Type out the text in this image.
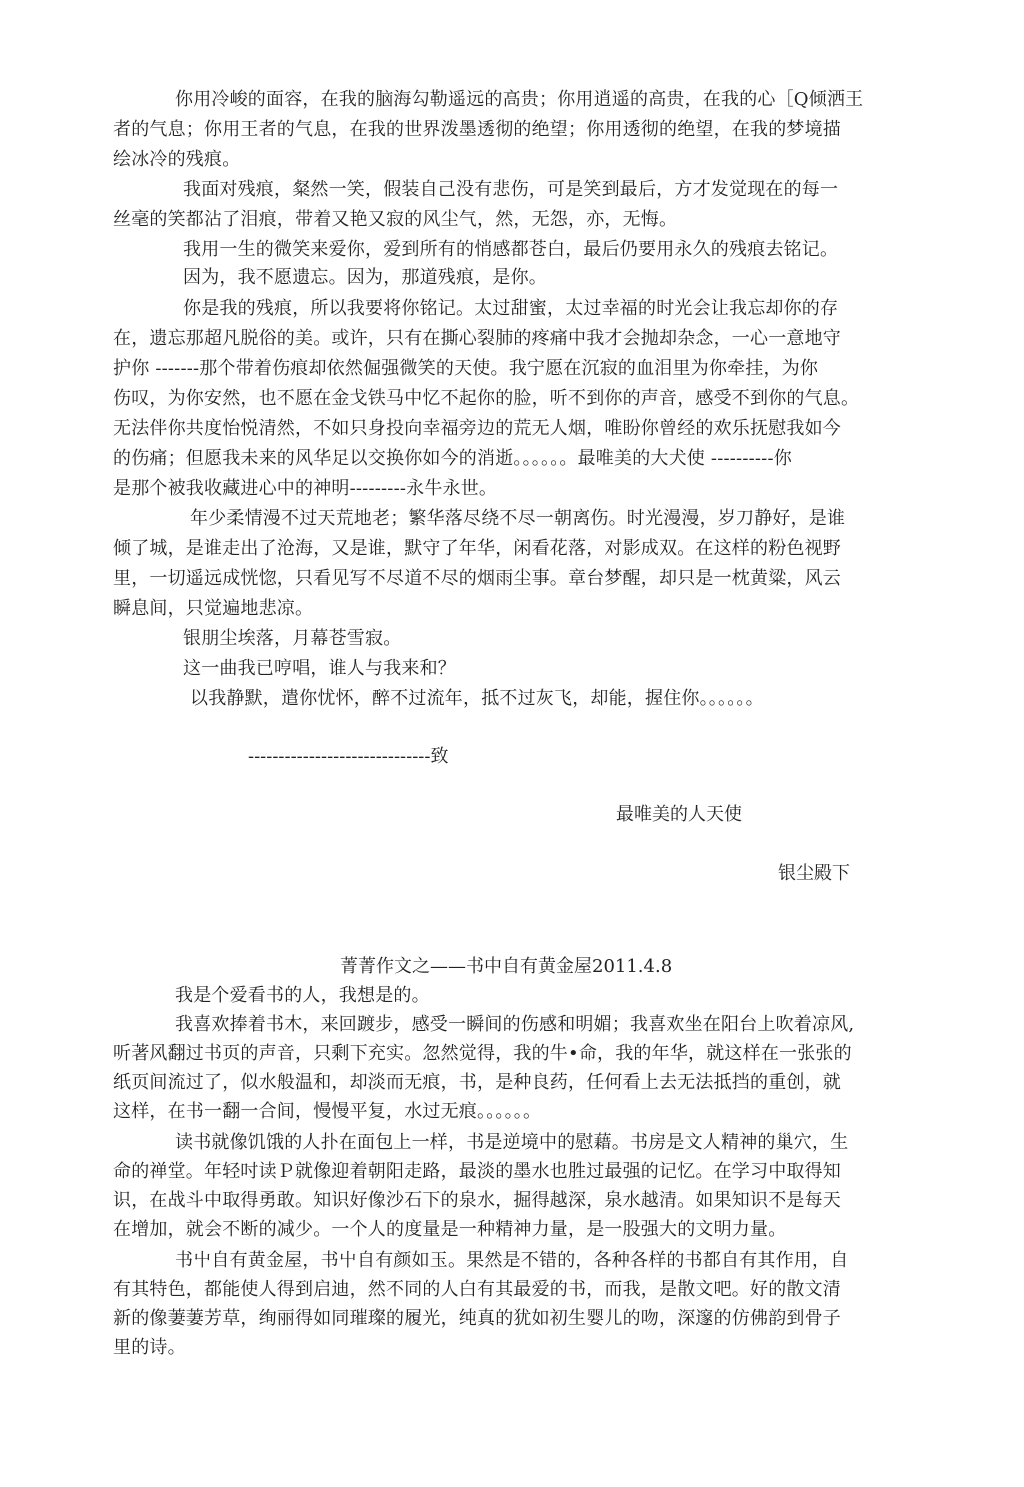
你用冷峻的面容，在我的脑海勾勒遥远的高贵；你用逍遥的高贵，在我的心［Q倾洒王
者的气息；你用王者的气息，在我的世界泼墨透彻的绝望；你用透彻的绝望，在我的梦境描
绘冰冷的残痕。
我面对残痕，粲然一笑，假装自己没有悲伤，可是笑到最后，方才发觉现在的每一
丝毫的笑都沾了泪痕，带着又艳又寂的风尘气，然，无怨，亦，无悔。
我用一生的微笑来爱你，爱到所有的悄感都苍白，最后仍要用永久的残痕去铭记。
因为，我不愿遗忘。因为，那道残痕，是你。
你是我的残痕，所以我要将你铭记。太过甜蜜，太过幸福的时光会让我忘却你的存
在，遗忘那超凡脱俗的美。或许，只有在撕心裂肺的疼痛中我才会抛却杂念，一心一意地守
护你 -------那个带着伤痕却依然倔强微笑的天使。我宁愿在沉寂的血泪里为你牵挂，为你
伤叹，为你安然，也不愿在金戈铁马中忆不起你的脸，听不到你的声音，感受不到你的气息。
无法伴你共度怡悦清然，不如只身投向幸福旁边的荒无人烟，唯盼你曾经的欢乐抚慰我如今
的伤痛；但愿我未来的风华足以交换你如今的消逝。。。。。。最唯美的大犬使 ----------你
是那个被我收藏进心中的神明---------永牛永世。
年少柔情漫不过天荒地老；繁华落尽绕不尽一朝离伤。时光漫漫，岁刀静好，是谁
倾了城，是谁走出了沧海，又是谁，默守了年华，闲看花落，对影成双。在这样的粉色视野
里，一切遥远成恍惚，只看见写不尽道不尽的烟雨尘事。章台梦醒，却只是一枕黄粱，风云
瞬息间，只觉遍地悲凉。
银朋尘埃落，月幕苍雪寂。
这一曲我已哼唱，谁人与我来和？
以我静默，遣你忧怀，醉不过流年，抵不过灰飞，却能，握住你。。。。。。
------------------------------致
最唯美的人天使
银尘殿下
菁菁作文之——书中自有黄金屋2011.4.8
我是个爱看书的人，我想是的。
我喜欢捧着书木，来回踱步，感受一瞬间的伤感和明媚；我喜欢坐在阳台上吹着凉风,
听著风翻过书页的声音，只剩下充实。忽然觉得，我的牛•命，我的年华，就这样在一张张的
纸页间流过了，似水般温和，却淡而无痕，书，是种良药，任何看上去无法抵挡的重创，就
这样，在书一翻一合间，慢慢平复，水过无痕。。。。。。
读书就像饥饿的人扑在面包上一样，书是逆境中的慰藉。书房是文人精神的巢穴，生
命的禅堂。年轻吋读Ｐ就像迎着朝阳走路，最淡的墨水也胜过最强的记忆。在学习中取得知
识，在战斗中取得勇敢。知识好像沙石下的泉水，掘得越深，泉水越清。如果知识不是每天
在增加，就会不断的减少。一个人的度量是一种精神力量，是一股强大的文明力量。
书屮自有黄金屋，书屮自有颜如玉。果然是不错的，各种各样的书都自有其作用，自
有其特色，都能使人得到启迪，然不同的人白有其最爱的书，而我，是散文吧。好的散文清
新的像萋萋芳草，绚丽得如同璀璨的履光，纯真的犹如初生婴儿的吻，深邃的仿佛韵到骨子
里的诗。
